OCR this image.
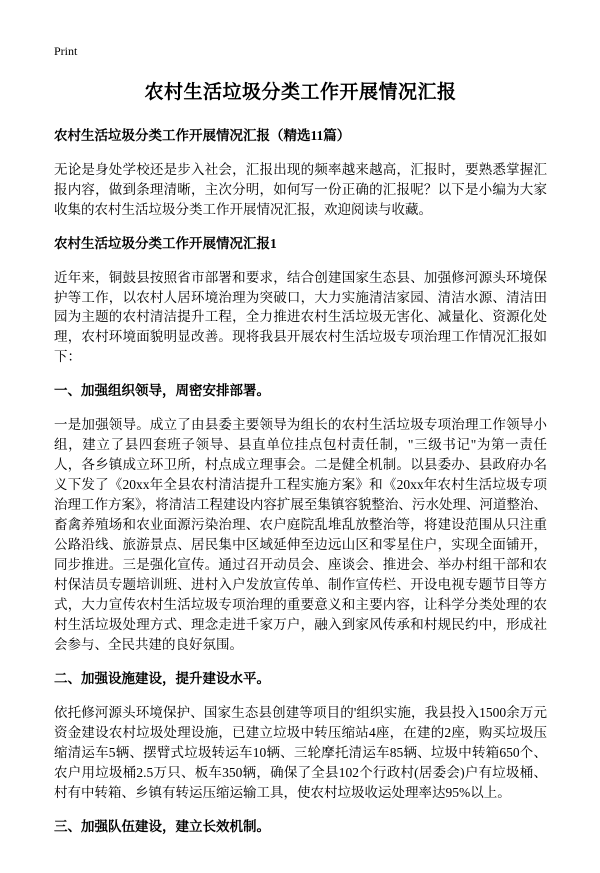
Print
农村生活垃圾分类工作开展情况汇报

农村生活垃圾分类工作开展情况汇报（精选11篇）

无论是身处学校还是步入社会，汇报出现的频率越来越高，汇报时，要熟悉掌握汇报内容，做到条理清晰，主次分明，如何写一份正确的汇报呢？以下是小编为大家收集的农村生活垃圾分类工作开展情况汇报，欢迎阅读与收藏。

农村生活垃圾分类工作开展情况汇报1

近年来，铜鼓县按照省市部署和要求，结合创建国家生态县、加强修河源头环境保护等工作，以农村人居环境治理为突破口，大力实施清洁家园、清洁水源、清洁田园为主题的农村清洁提升工程，全力推进农村生活垃圾无害化、减量化、资源化处理，农村环境面貌明显改善。现将我县开展农村生活垃圾专项治理工作情况汇报如下：

一、加强组织领导，周密安排部署。

一是加强领导。成立了由县委主要领导为组长的农村生活垃圾专项治理工作领导小组，建立了县四套班子领导、县直单位挂点包村责任制，"三级书记"为第一责任人，各乡镇成立环卫所，村点成立理事会。二是健全机制。以县委办、县政府办名义下发了《20xx年全县农村清洁提升工程实施方案》和《20xx年农村生活垃圾专项治理工作方案》，将清洁工程建设内容扩展至集镇容貌整治、污水处理、河道整治、畜禽养殖场和农业面源污染治理、农户庭院乱堆乱放整治等，将建设范围从只注重公路沿线、旅游景点、居民集中区域延伸至边远山区和零星住户，实现全面铺开，同步推进。三是强化宣传。通过召开动员会、座谈会、推进会、举办村组干部和农村保洁员专题培训班、进村入户发放宣传单、制作宣传栏、开设电视专题节目等方式，大力宣传农村生活垃圾专项治理的重要意义和主要内容，让科学分类处理的农村生活垃圾处理方式、理念走进千家万户，融入到家风传承和村规民约中，形成社会参与、全民共建的良好氛围。

二、加强设施建设，提升建设水平。

依托修河源头环境保护、国家生态县创建等项目的'组织实施，我县投入1500余万元资金建设农村垃圾处理设施，已建立垃圾中转压缩站4座，在建的2座，购买垃圾压缩清运车5辆、摆臂式垃圾转运车10辆、三轮摩托清运车85辆、垃圾中转箱650个、农户用垃圾桶2.5万只、板车350辆，确保了全县102个行政村(居委会)户有垃圾桶、村有中转箱、乡镇有转运压缩运输工具，使农村垃圾收运处理率达95%以上。

三、加强队伍建设，建立长效机制。
